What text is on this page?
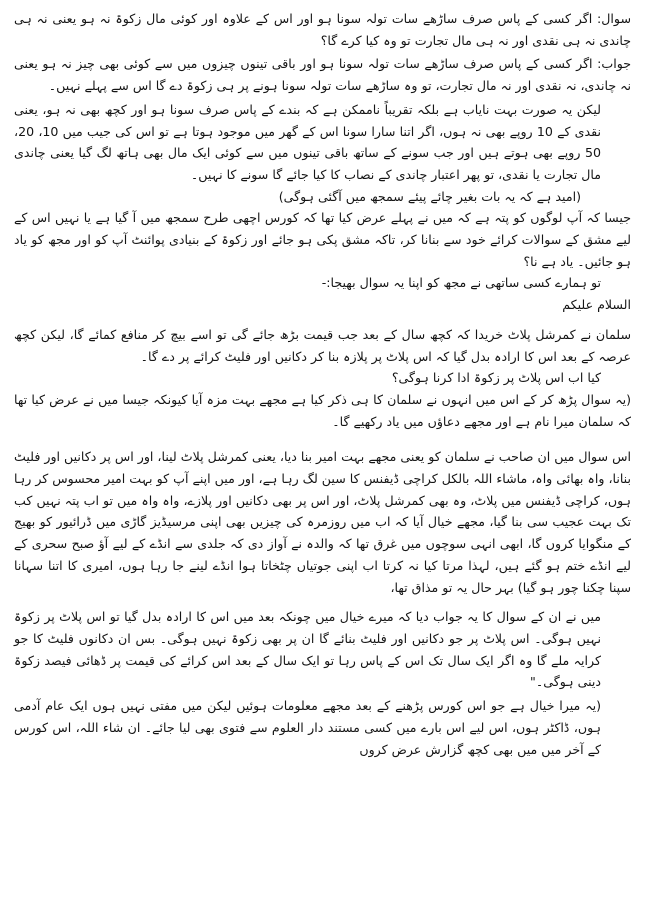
سوال: اگر کسی کے پاس صرف ساڑھے سات تولہ سونا ہو اور اس کے علاوہ اور کوئی مال زکوۃ نہ ہو یعنی نہ ہی چاندی نہ ہی نقدی اور نہ ہی مال تجارت تو وہ کیا کرے گا؟

جواب: اگر کسی کے پاس صرف ساڑھے سات تولہ سونا ہو اور باقی تینوں چیزوں میں سے کوئی بھی چیز نہ ہو یعنی نہ چاندی، نہ نقدی اور نہ مال تجارت، تو وہ ساڑھے سات تولہ سونا ہونے پر ہی زکوۃ دے گا اس سے پہلے نہیں۔

لیکن یہ صورت بہت نایاب ہے بلکہ تقریباً ناممکن ہے کہ بندے کے پاس صرف سونا ہو اور کچھ بھی نہ ہو، یعنی نقدی کے 10 روپے بھی نہ ہوں، اگر اتنا سارا سونا اس کے گھر میں موجود ہوتا ہے تو اس کی جیب میں 10، 20، 50 روپے بھی ہوتے ہیں اور جب سونے کے ساتھ باقی تینوں میں سے کوئی ایک مال بھی ہاتھ لگ گیا یعنی چاندی مال تجارت یا نقدی، تو پھر اعتبار چاندی کے نصاب کا کیا جائے گا سونے کا نہیں۔

(امید ہے کہ یہ بات بغیر چائے پیئے سمجھ میں آگئی ہوگی)

جیسا کہ آپ لوگوں کو پتہ ہے کہ میں نے پہلے عرض کیا تھا کہ کورس اچھی طرح سمجھ میں آ گیا ہے یا نہیں اس کے لیے مشق کے سوالات کرائے خود سے بنانا کر، تاکہ مشق پکی ہو جائے اور زکوۃ کے بنیادی پوائنٹ آپ کو اور مجھ کو یاد ہو جائیں۔ یاد ہے نا؟

تو ہمارے کسی ساتھی نے مجھ کو اپنا یہ سوال بھیجا:-

السلام علیکم

سلمان نے کمرشل پلاٹ خریدا کہ کچھ سال کے بعد جب قیمت بڑھ جائے گی تو اسے بیچ کر منافع کمائے گا، لیکن کچھ عرصہ کے بعد اس کا ارادہ بدل گیا کہ اس پلاٹ پر پلازہ بنا کر دکانیں اور فلیٹ کرائے پر دے گا۔

کیا اب اس پلاٹ پر زکوۃ ادا کرنا ہوگی؟

(یہ سوال پڑھ کر کے اس میں انہوں نے سلمان کا ہی ذکر کیا ہے مجھے بہت مزہ آیا کیونکہ جیسا میں نے عرض کیا تھا کہ سلمان میرا نام ہے اور مجھے دعاؤں میں یاد رکھیے گا۔

اس سوال میں ان صاحب نے سلمان کو یعنی مجھے بہت امیر بنا دیا، یعنی کمرشل پلاٹ لینا، اور اس پر دکانیں اور فلیٹ بنانا، واہ بھائی واہ، ماشاء اللہ بالکل کراچی ڈیفنس کا سین لگ رہا ہے، اور میں اپنے آپ کو بہت امیر محسوس کر رہا ہوں، کراچی ڈیفنس میں پلاٹ، وہ بھی کمرشل پلاٹ، اور اس پر بھی دکانیں اور پلازے، واہ واہ میں تو اب پتہ نہیں کب تک بہت عجیب سی بنا گیا، مجھے خیال آیا کہ اب میں روزمرہ کی چیزیں بھی اپنی مرسیڈیز گاڑی میں ڈرائیور کو بھیج کے منگوایا کروں گا، ابھی انہی سوچوں میں غرق تھا کہ والدہ نے آواز دی کہ جلدی سے انڈے کے لیے آؤ صبح سحری کے لیے انڈے ختم ہو گئے ہیں، لہذا مرتا کیا نہ کرتا اب اپنی جوتیاں چٹخاتا ہوا انڈے لینے جا رہا ہوں، امیری کا اتنا سہانا سپنا چکنا چور ہو گیا) بہر حال یہ تو مذاق تھا،

میں نے ان کے سوال کا یہ جواب دیا کہ میرے خیال میں چونکہ بعد میں اس کا ارادہ بدل گیا تو اس پلاٹ پر زکوۃ نہیں ہوگی۔ اس پلاٹ پر جو دکانیں اور فلیٹ بنائے گا ان پر بھی زکوۃ نہیں ہوگی۔ بس ان دکانوں فلیٹ کا جو کرایہ ملے گا وہ اگر ایک سال تک اس کے پاس رہا تو ایک سال کے بعد اس کرائے کی قیمت پر ڈھائی فیصد زکوۃ دینی ہوگی۔"

(یہ میرا خیال ہے جو اس کورس پڑھنے کے بعد مجھے معلومات ہوئیں لیکن میں مفتی نہیں ہوں ایک عام آدمی ہوں، ڈاکٹر ہوں، اس لیے اس بارے میں کسی مستند دار العلوم سے فتوی بھی لیا جائے۔ ان شاء اللہ، اس کورس کے آخر میں میں بھی کچھ گزارش عرض کروں
